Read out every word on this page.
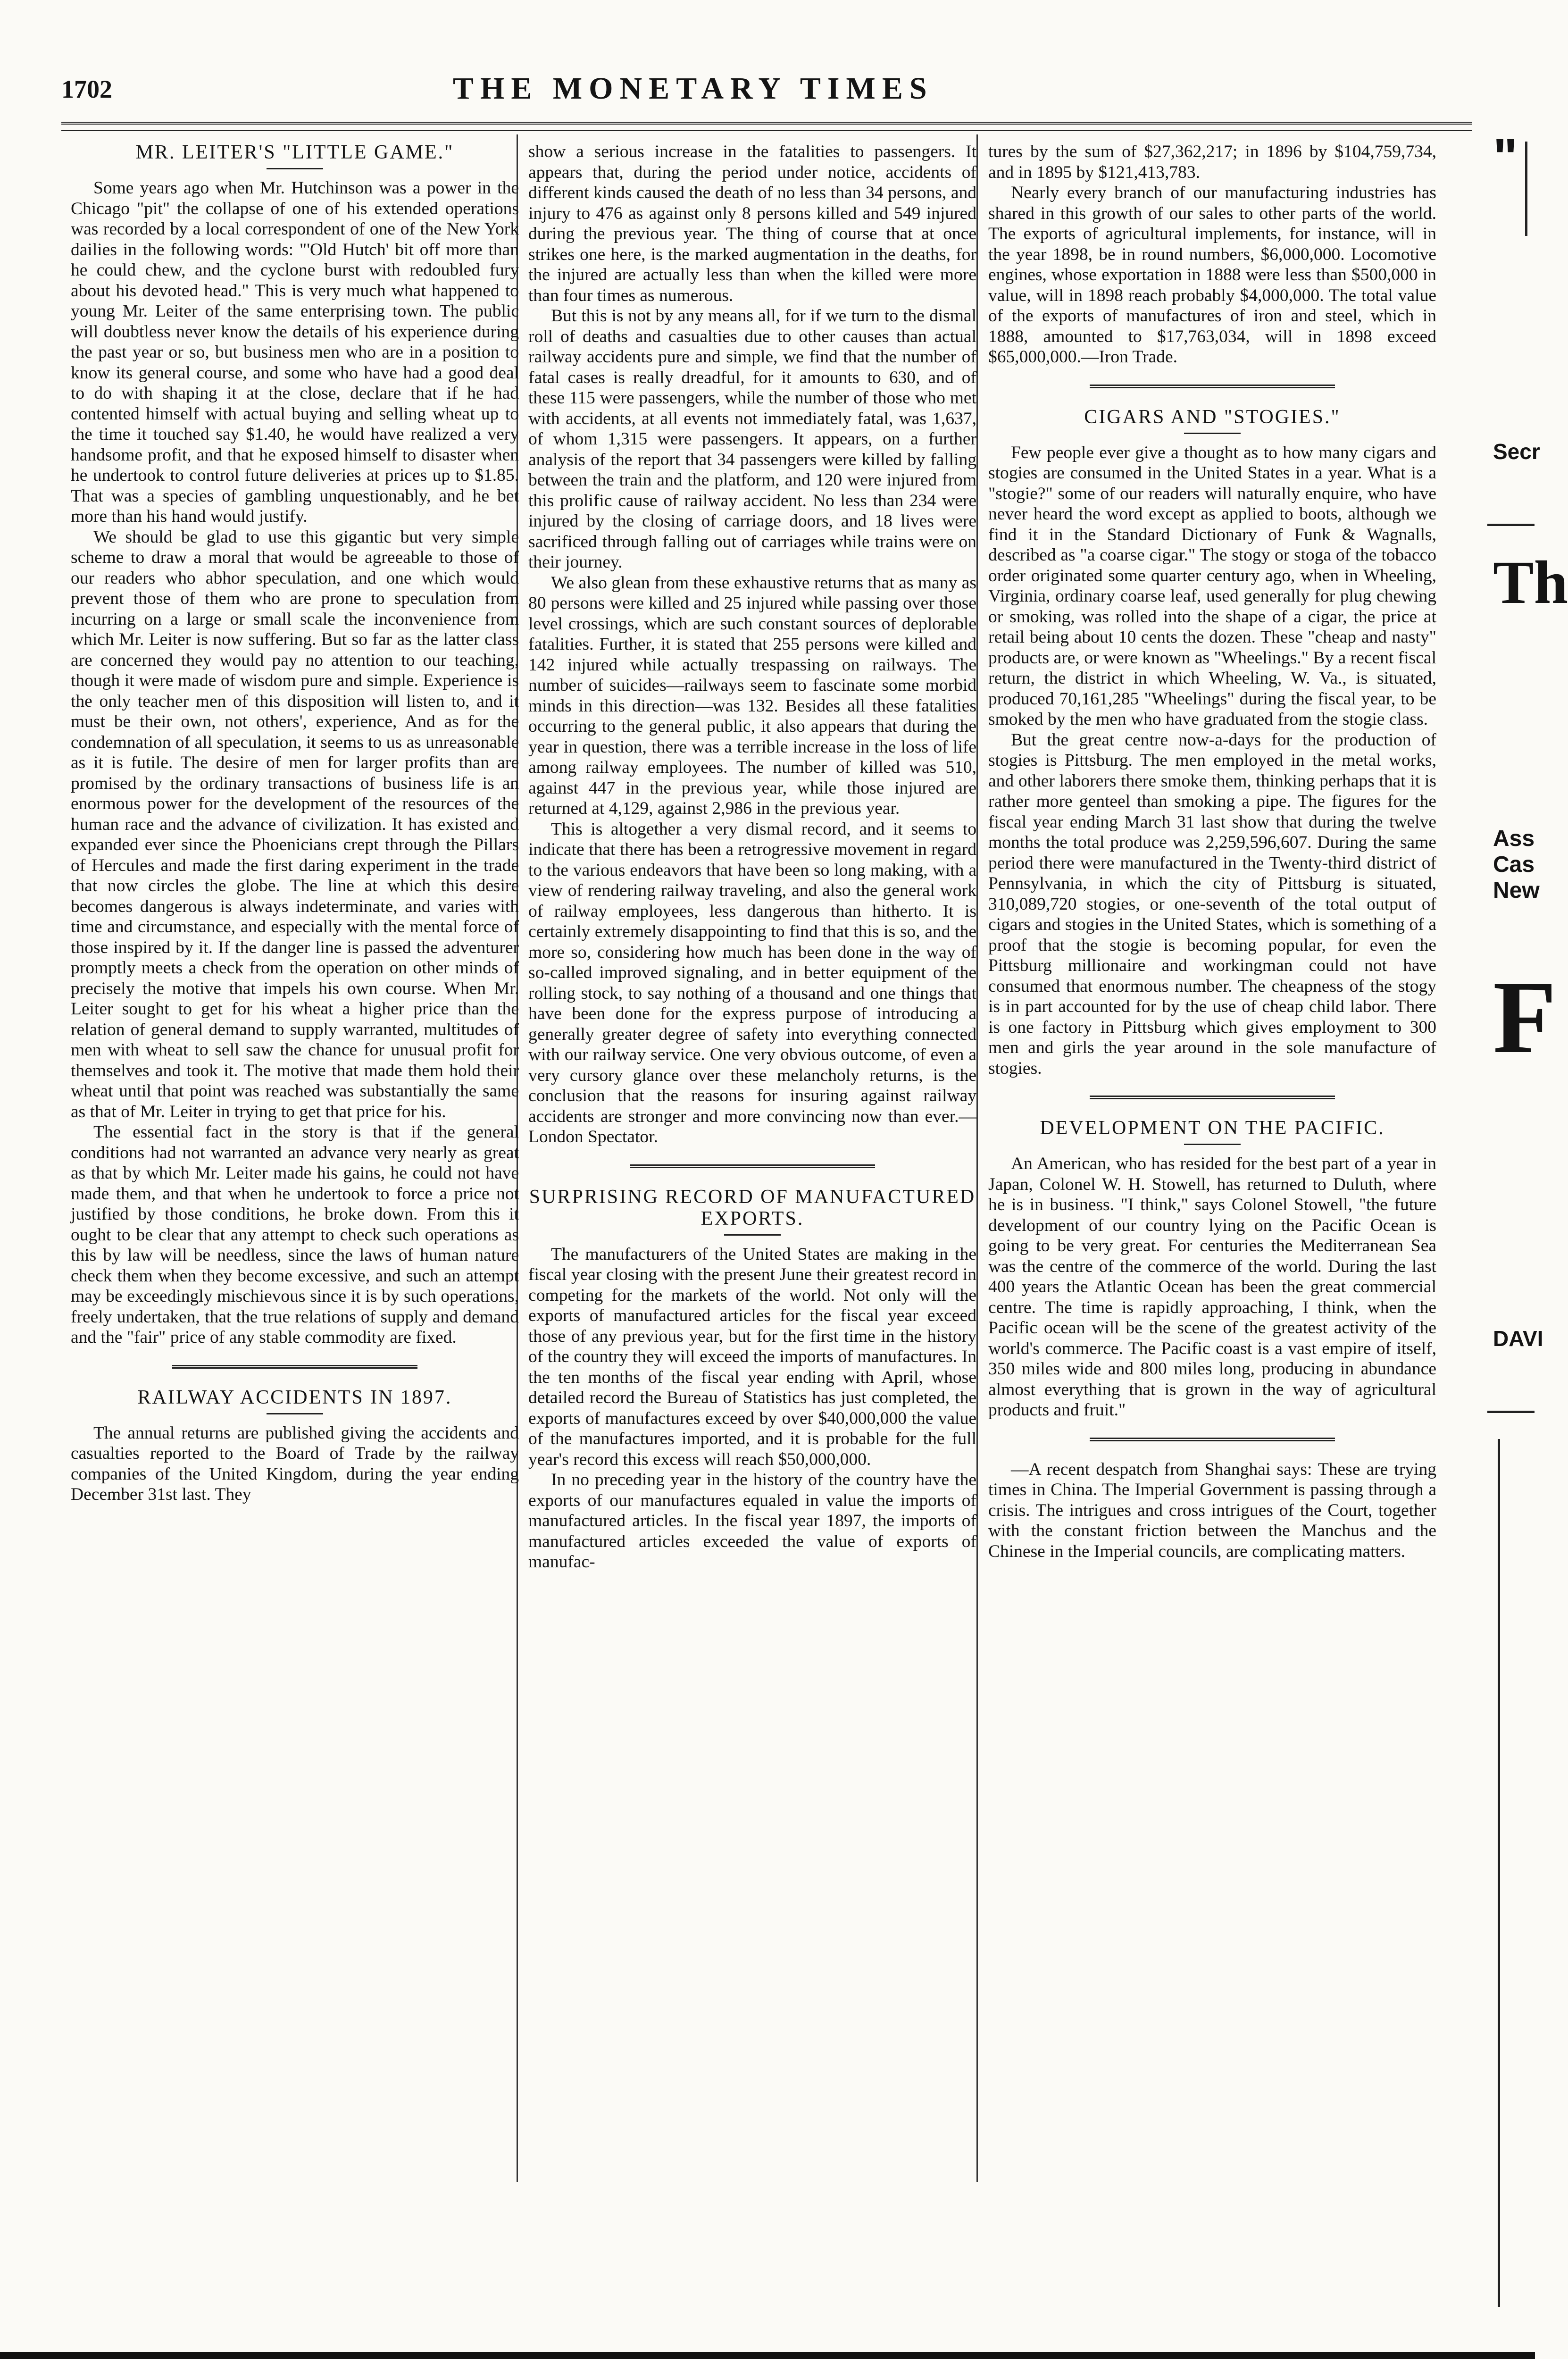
1702	THE MONETARY TIMES
MR. LEITER'S "LITTLE GAME."

Some years ago when Mr. Hutchinson was a power in the Chicago "pit" the collapse of one of his extended operations was recorded by a local correspondent of one of the New York dailies in the following words: "'Old Hutch' bit off more than he could chew, and the cyclone burst with redoubled fury about his devoted head." This is very much what happened to young Mr. Leiter of the same enterprising town. The public will doubtless never know the details of his experience during the past year or so, but business men who are in a position to know its general course, and some who have had a good deal to do with shaping it at the close, declare that if he had contented himself with actual buying and selling wheat up to the time it touched say $1.40, he would have realized a very handsome profit, and that he exposed himself to disaster when he undertook to control future deliveries at prices up to $1.85. That was a species of gambling unquestionably, and he bet more than his hand would justify.

We should be glad to use this gigantic but very simple scheme to draw a moral that would be agreeable to those of our readers who abhor speculation, and one which would prevent those of them who are prone to speculation from incurring on a large or small scale the inconvenience from which Mr. Leiter is now suffering. But so far as the latter class are concerned they would pay no attention to our teaching, though it were made of wisdom pure and simple. Experience is the only teacher men of this disposition will listen to, and it must be their own, not others', experience, And as for the condemnation of all speculation, it seems to us as unreasonable as it is futile. The desire of men for larger profits than are promised by the ordinary transactions of business life is an enormous power for the development of the resources of the human race and the advance of civilization. It has existed and expanded ever since the Phoenicians crept through the Pillars of Hercules and made the first daring experiment in the trade that now circles the globe. The line at which this desire becomes dangerous is always indeterminate, and varies with time and circumstance, and especially with the mental force of those inspired by it. If the danger line is passed the adventurer promptly meets a check from the operation on other minds of precisely the motive that impels his own course. When Mr. Leiter sought to get for his wheat a higher price than the relation of general demand to supply warranted, multitudes of men with wheat to sell saw the chance for unusual profit for themselves and took it. The motive that made them hold their wheat until that point was reached was substantially the same as that of Mr. Leiter in trying to get that price for his.

The essential fact in the story is that if the general conditions had not warranted an advance very nearly as great as that by which Mr. Leiter made his gains, he could not have made them, and that when he undertook to force a price not justified by those conditions, he broke down. From this it ought to be clear that any attempt to check such operations as this by law will be needless, since the laws of human nature check them when they become excessive, and such an attempt may be exceedingly mischievous since it is by such operations, freely undertaken, that the true relations of supply and demand and the "fair" price of any stable commodity are fixed.

RAILWAY ACCIDENTS IN 1897.

The annual returns are published giving the accidents and casualties reported to the Board of Trade by the railway companies of the United Kingdom, during the year ending December 31st last. They

show a serious increase in the fatalities to passengers. It appears that, during the period under notice, accidents of different kinds caused the death of no less than 34 persons, and injury to 476 as against only 8 persons killed and 549 injured during the previous year. The thing of course that at once strikes one here, is the marked augmentation in the deaths, for the injured are actually less than when the killed were more than four times as numerous.

But this is not by any means all, for if we turn to the dismal roll of deaths and casualties due to other causes than actual railway accidents pure and simple, we find that the number of fatal cases is really dreadful, for it amounts to 630, and of these 115 were passengers, while the number of those who met with accidents, at all events not immediately fatal, was 1,637, of whom 1,315 were passengers. It appears, on a further analysis of the report that 34 passengers were killed by falling between the train and the platform, and 120 were injured from this prolific cause of railway accident. No less than 234 were injured by the closing of carriage doors, and 18 lives were sacrificed through falling out of carriages while trains were on their journey.

We also glean from these exhaustive returns that as many as 80 persons were killed and 25 injured while passing over those level crossings, which are such constant sources of deplorable fatalities. Further, it is stated that 255 persons were killed and 142 injured while actually trespassing on railways. The number of suicides—railways seem to fascinate some morbid minds in this direction—was 132. Besides all these fatalities occurring to the general public, it also appears that during the year in question, there was a terrible increase in the loss of life among railway employees. The number of killed was 510, against 447 in the previous year, while those injured are returned at 4,129, against 2,986 in the previous year.

This is altogether a very dismal record, and it seems to indicate that there has been a retrogressive movement in regard to the various endeavors that have been so long making, with a view of rendering railway traveling, and also the general work of railway employees, less dangerous than hitherto. It is certainly extremely disappointing to find that this is so, and the more so, considering how much has been done in the way of so-called improved signaling, and in better equipment of the rolling stock, to say nothing of a thousand and one things that have been done for the express purpose of introducing a generally greater degree of safety into everything connected with our railway service. One very obvious outcome, of even a very cursory glance over these melancholy returns, is the conclusion that the reasons for insuring against railway accidents are stronger and more convincing now than ever.—London Spectator.

SURPRISING RECORD OF MANUFACTURED EXPORTS.

The manufacturers of the United States are making in the fiscal year closing with the present June their greatest record in competing for the markets of the world. Not only will the exports of manufactured articles for the fiscal year exceed those of any previous year, but for the first time in the history of the country they will exceed the imports of manufactures. In the ten months of the fiscal year ending with April, whose detailed record the Bureau of Statistics has just completed, the exports of manufactures exceed by over $40,000,000 the value of the manufactures imported, and it is probable for the full year's record this excess will reach $50,000,000.

In no preceding year in the history of the country have the exports of our manufactures equaled in value the imports of manufactured articles. In the fiscal year 1897, the imports of manufactured articles exceeded the value of exports of manufac-

tures by the sum of $27,362,217; in 1896 by $104,759,734, and in 1895 by $121,413,783.

Nearly every branch of our manufacturing industries has shared in this growth of our sales to other parts of the world. The exports of agricultural implements, for instance, will in the year 1898, be in round numbers, $6,000,000. Locomotive engines, whose exportation in 1888 were less than $500,000 in value, will in 1898 reach probably $4,000,000. The total value of the exports of manufactures of iron and steel, which in 1888, amounted to $17,763,034, will in 1898 exceed $65,000,000.—Iron Trade.

CIGARS AND "STOGIES."

Few people ever give a thought as to how many cigars and stogies are consumed in the United States in a year. What is a "stogie?" some of our readers will naturally enquire, who have never heard the word except as applied to boots, although we find it in the Standard Dictionary of Funk & Wagnalls, described as "a coarse cigar." The stogy or stoga of the tobacco order originated some quarter century ago, when in Wheeling, Virginia, ordinary coarse leaf, used generally for plug chewing or smoking, was rolled into the shape of a cigar, the price at retail being about 10 cents the dozen. These "cheap and nasty" products are, or were known as "Wheelings." By a recent fiscal return, the district in which Wheeling, W. Va., is situated, produced 70,161,285 "Wheelings" during the fiscal year, to be smoked by the men who have graduated from the stogie class.

But the great centre now-a-days for the production of stogies is Pittsburg. The men employed in the metal works, and other laborers there smoke them, thinking perhaps that it is rather more genteel than smoking a pipe. The figures for the fiscal year ending March 31 last show that during the twelve months the total produce was 2,259,596,607. During the same period there were manufactured in the Twenty-third district of Pennsylvania, in which the city of Pittsburg is situated, 310,089,720 stogies, or one-seventh of the total output of cigars and stogies in the United States, which is something of a proof that the stogie is becoming popular, for even the Pittsburg millionaire and workingman could not have consumed that enormous number. The cheapness of the stogy is in part accounted for by the use of cheap child labor. There is one factory in Pittsburg which gives employment to 300 men and girls the year around in the sole manufacture of stogies.

DEVELOPMENT ON THE PACIFIC.

An American, who has resided for the best part of a year in Japan, Colonel W. H. Stowell, has returned to Duluth, where he is in business. "I think," says Colonel Stowell, "the future development of our country lying on the Pacific Ocean is going to be very great. For centuries the Mediterranean Sea was the centre of the commerce of the world. During the last 400 years the Atlantic Ocean has been the great commercial centre. The time is rapidly approaching, I think, when the Pacific ocean will be the scene of the greatest activity of the world's commerce. The Pacific coast is a vast empire of itself, 350 miles wide and 800 miles long, producing in abundance almost everything that is grown in the way of agricultural products and fruit."

—A recent despatch from Shanghai says: These are trying times in China. The Imperial Government is passing through a crisis. The intrigues and cross intrigues of the Court, together with the constant friction between the Manchus and the Chinese in the Imperial councils, are complicating matters.

"
Secr
Th
Ass
Cas
New
F
DAVI
